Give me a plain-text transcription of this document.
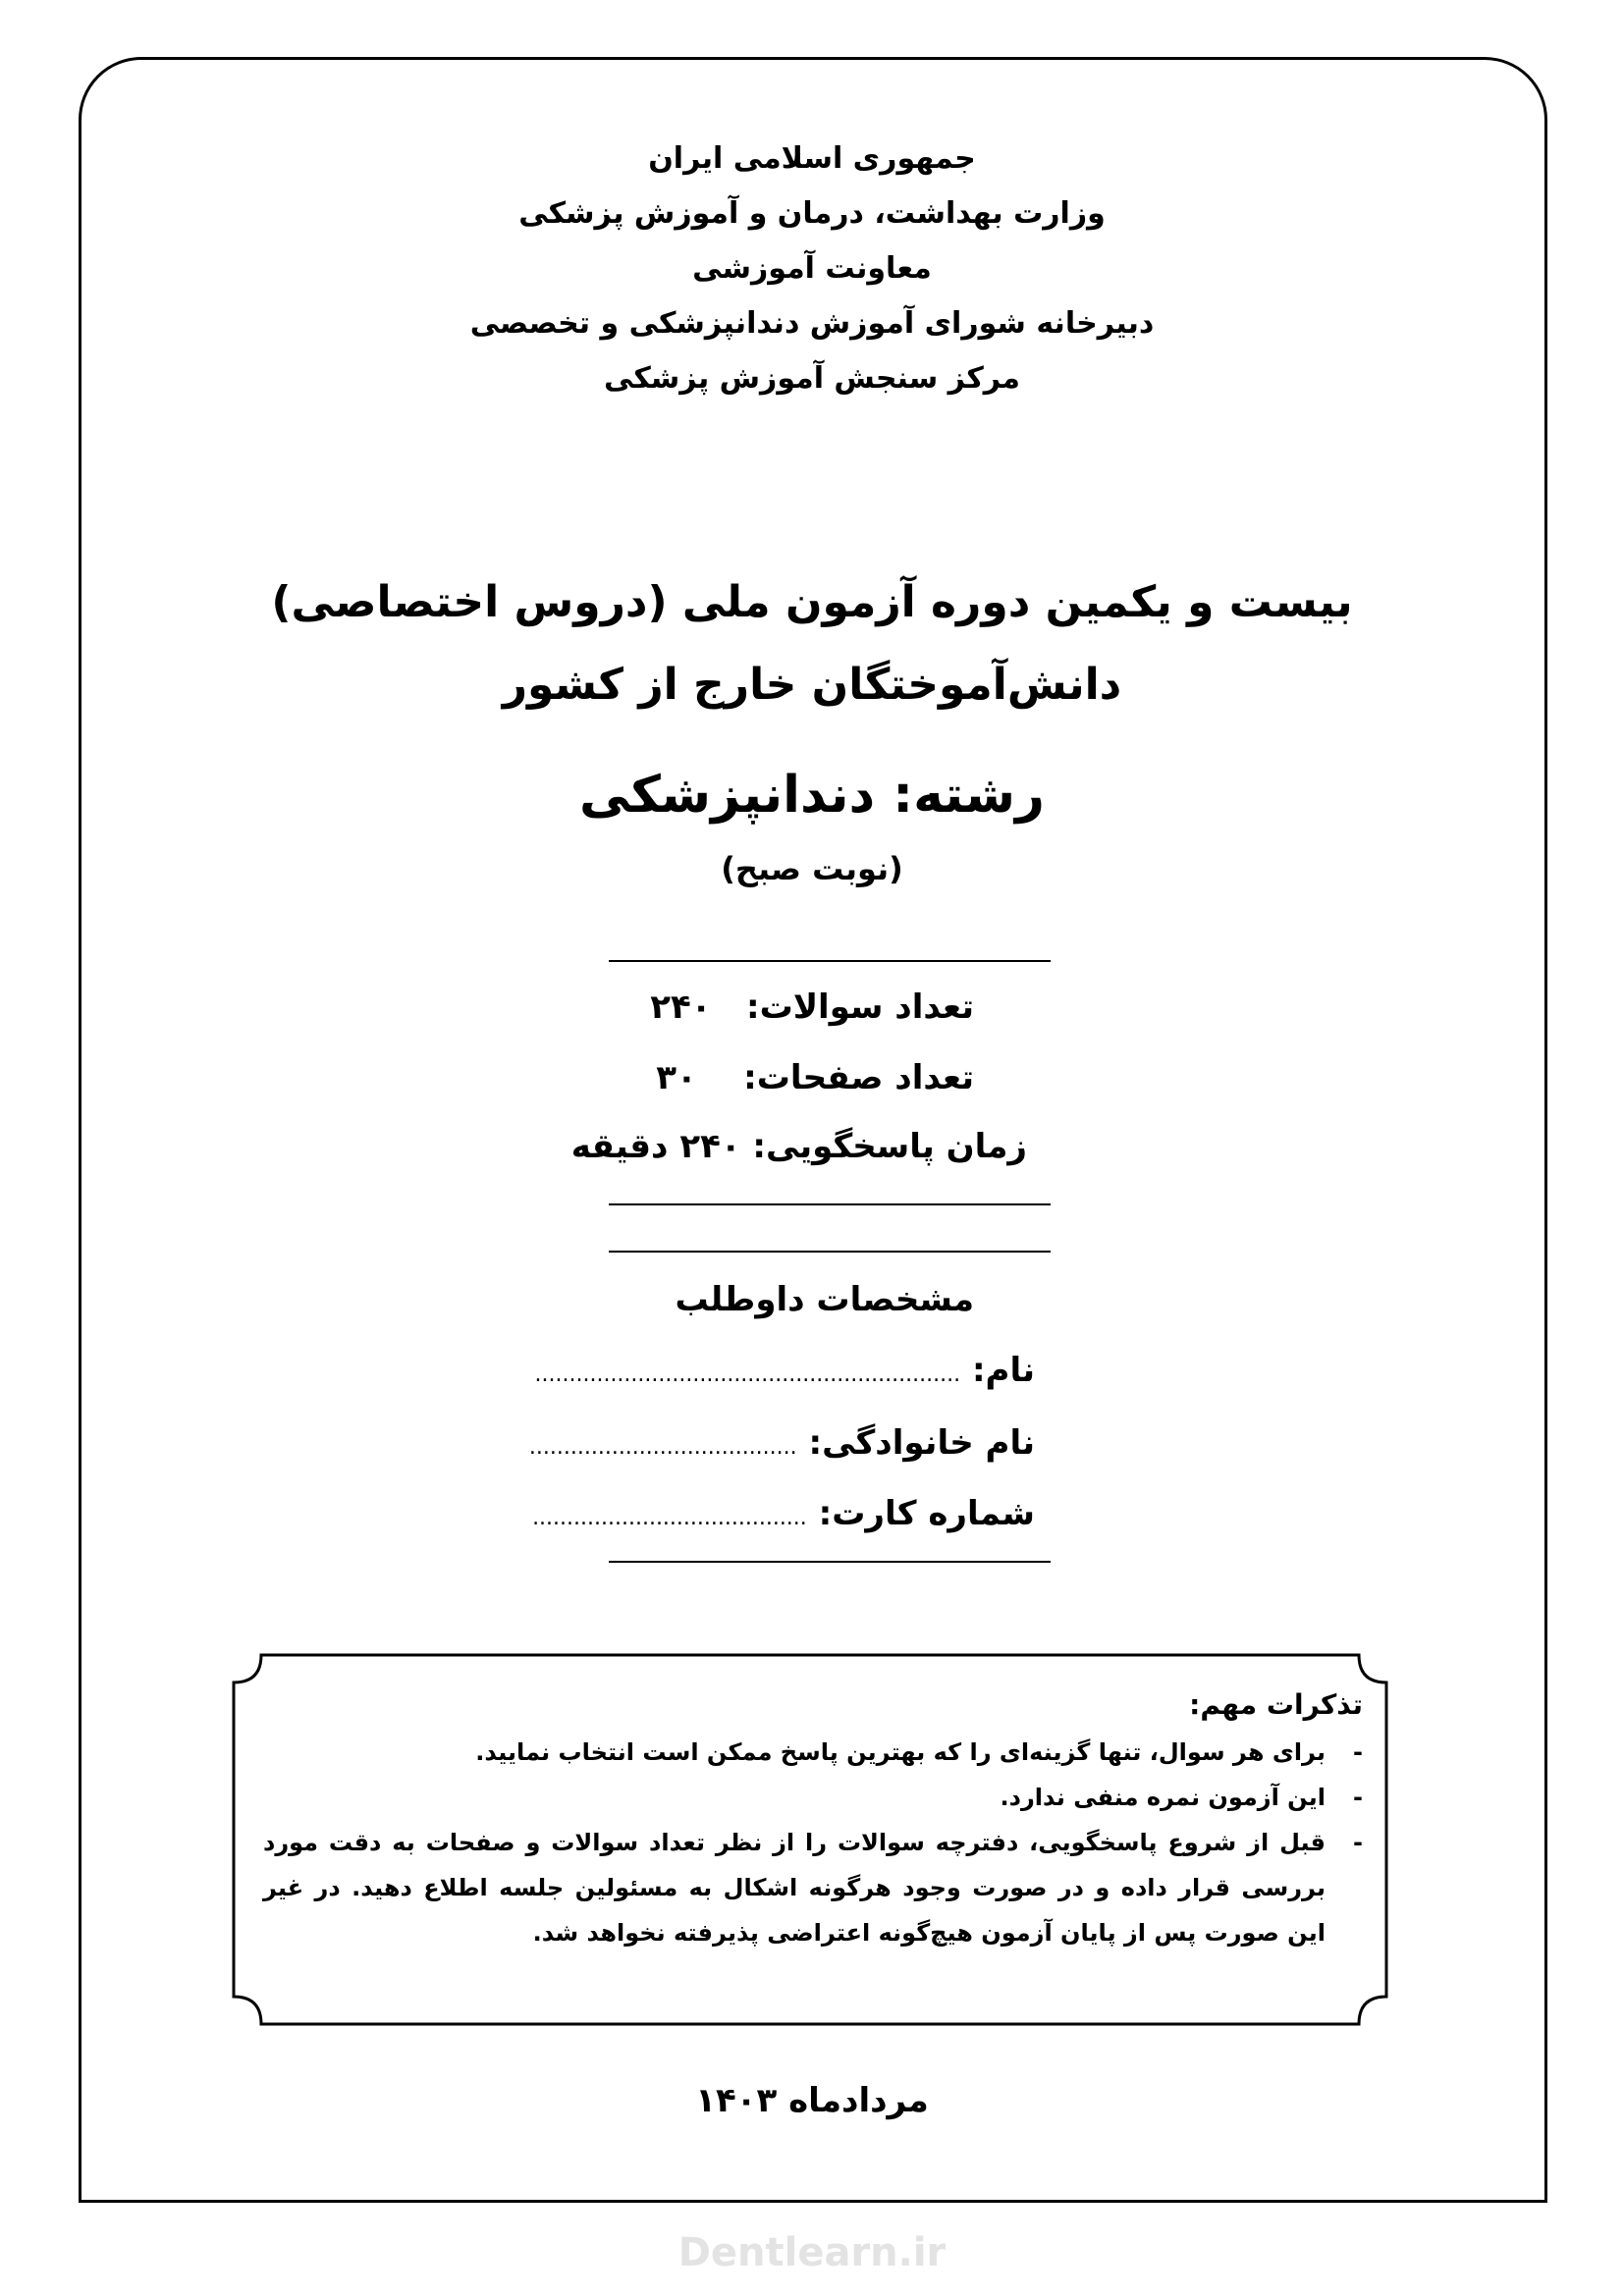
جمهوری اسلامی ایران
وزارت بهداشت، درمان و آموزش پزشکی
معاونت آموزشی
دبیرخانه شورای آموزش دندانپزشکی و تخصصی
مرکز سنجش آموزش پزشکی
بیست و یکمین دوره آزمون ملی (دروس اختصاصی)
دانش‌آموختگان خارج از کشور
رشته: دندانپزشکی
(نوبت صبح)
تعداد سوالات:   ۲۴۰
تعداد صفحات:    ۳۰
زمان پاسخگویی: ۲۴۰ دقیقه
مشخصات داوطلب
نام: ..............................................................
نام خانوادگی: .......................................
شماره کارت: ........................................
تذکرات مهم:
-
برای هر سوال، تنها گزینه‌ای را که بهترین پاسخ ممکن است انتخاب نمایید.
-
این آزمون نمره منفی ندارد.
-
قبل از شروع پاسخگویی، دفترچه سوالات را از نظر تعداد سوالات و صفحات به دقت مورد بررسی قرار داده و در صورت وجود هرگونه اشکال به مسئولین جلسه اطلاع دهید. در غیر این صورت پس از پایان آزمون هیچ‌گونه اعتراضی پذیرفته نخواهد شد.
مردادماه ۱۴۰۳
Dentlearn.ir
